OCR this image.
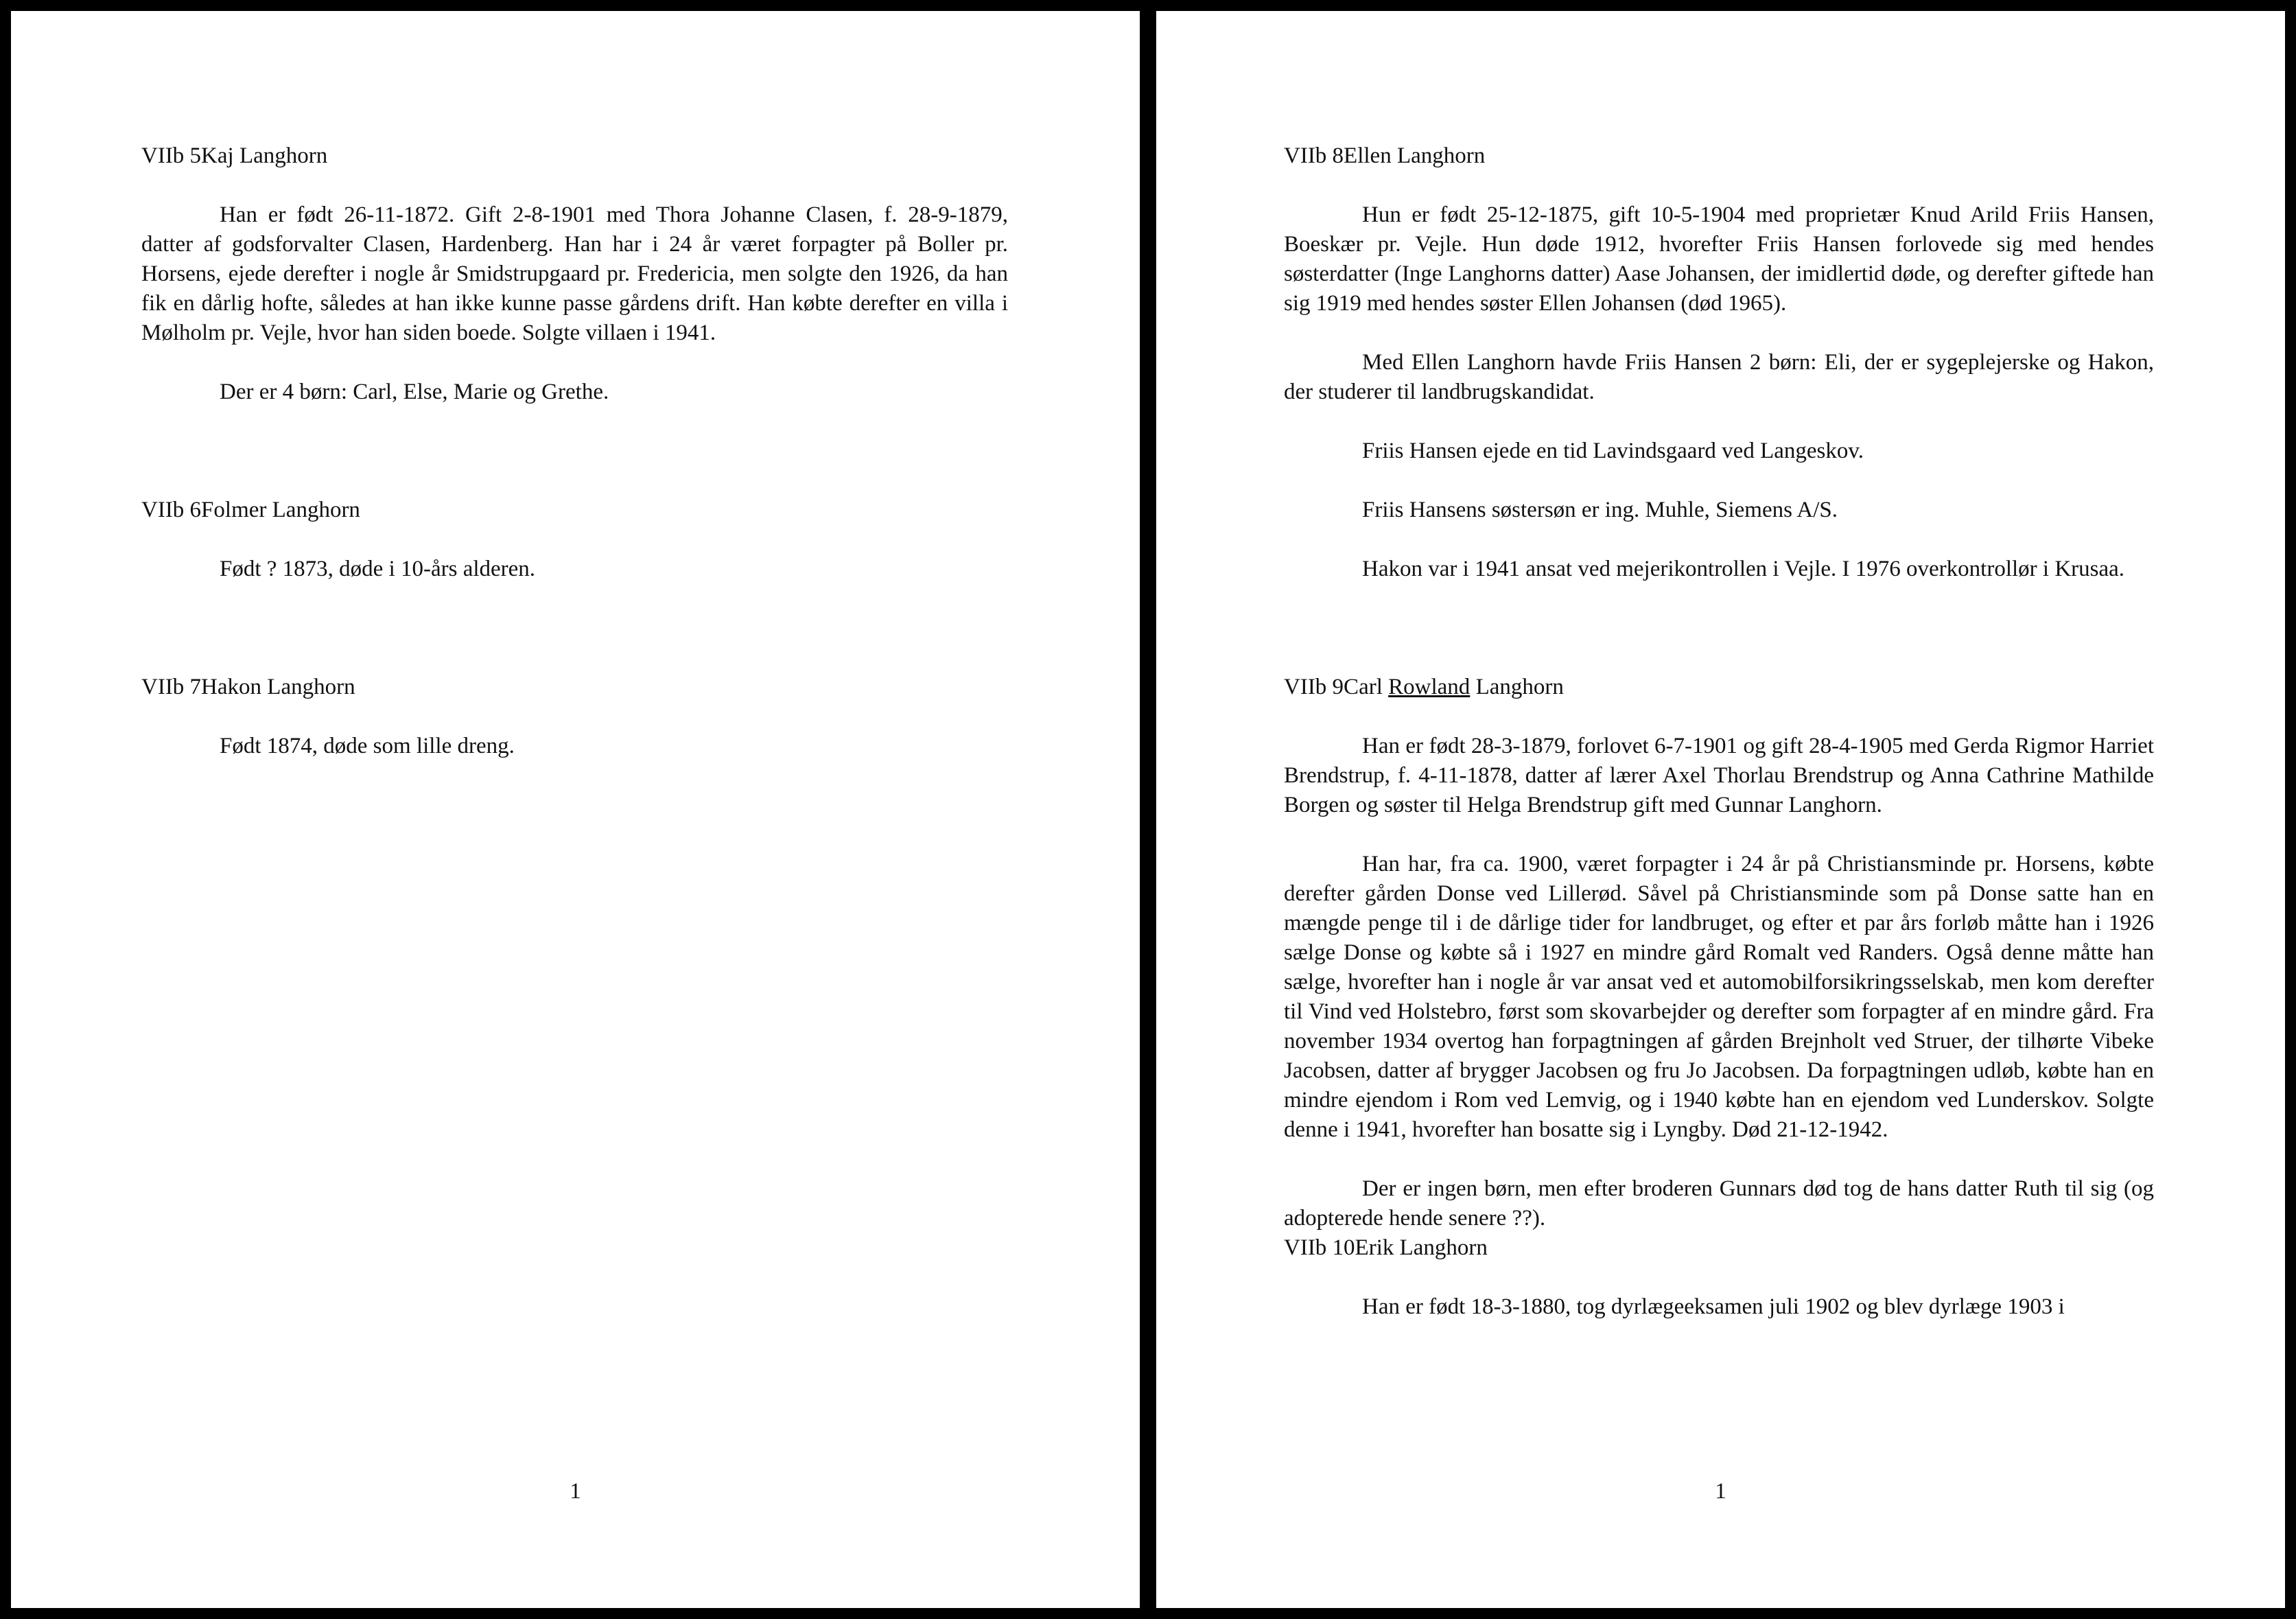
VIIb 5Kaj Langhorn

Han er født 26-11-1872. Gift 2-8-1901 med Thora Johanne Clasen, f. 28-9-1879, datter af godsforvalter Clasen, Hardenberg. Han har i 24 år været forpagter på Boller pr. Horsens, ejede derefter i nogle år Smidstrupgaard pr. Fredericia, men solgte den 1926, da han fik en dårlig hofte, således at han ikke kunne passe gårdens drift. Han købte derefter en villa i Mølholm pr. Vejle, hvor han siden boede. Solgte villaen i 1941.

Der er 4 børn: Carl, Else, Marie og Grethe.

VIIb 6Folmer Langhorn

Født ? 1873, døde i 10-års alderen.

VIIb 7Hakon Langhorn

Født 1874, døde som lille dreng.

1

VIIb 8Ellen Langhorn

Hun er født 25-12-1875, gift 10-5-1904 med proprietær Knud Arild Friis Hansen, Boeskær pr. Vejle. Hun døde 1912, hvorefter Friis Hansen forlovede sig med hendes søsterdatter (Inge Langhorns datter) Aase Johansen, der imidlertid døde, og derefter giftede han sig 1919 med hendes søster Ellen Johansen (død 1965).

Med Ellen Langhorn havde Friis Hansen 2 børn: Eli, der er sygeplejerske og Hakon, der studerer til landbrugskandidat.

Friis Hansen ejede en tid Lavindsgaard ved Langeskov.

Friis Hansens søstersøn er ing. Muhle, Siemens A/S.

Hakon var i 1941 ansat ved mejerikontrollen i Vejle. I 1976 overkontrollør i Krusaa.

VIIb 9Carl Rowland Langhorn

Han er født 28-3-1879, forlovet 6-7-1901 og gift 28-4-1905 med Gerda Rigmor Harriet Brendstrup, f. 4-11-1878, datter af lærer Axel Thorlau Brendstrup og Anna Cathrine Mathilde Borgen og søster til Helga Brendstrup gift med Gunnar Langhorn.

Han har, fra ca. 1900, været forpagter i 24 år på Christiansminde pr. Horsens, købte derefter gården Donse ved Lillerød. Såvel på Christiansminde som på Donse satte han en mængde penge til i de dårlige tider for landbruget, og efter et par års forløb måtte han i 1926 sælge Donse og købte så i 1927 en mindre gård Romalt ved Randers. Også denne måtte han sælge, hvorefter han i nogle år var ansat ved et automobilforsikringsselskab, men kom derefter til Vind ved Holstebro, først som skovarbejder og derefter som forpagter af en mindre gård. Fra november 1934 overtog han forpagtningen af gården Brejnholt ved Struer, der tilhørte Vibeke Jacobsen, datter af brygger Jacobsen og fru Jo Jacobsen. Da forpagtningen udløb, købte han en mindre ejendom i Rom ved Lemvig, og i 1940 købte han en ejendom ved Lunderskov. Solgte denne i 1941, hvorefter han bosatte sig i Lyngby. Død 21-12-1942.

Der er ingen børn, men efter broderen Gunnars død tog de hans datter Ruth til sig (og adopterede hende senere ??).

VIIb 10Erik Langhorn

Han er født 18-3-1880, tog dyrlægeeksamen juli 1902 og blev dyrlæge 1903 i

1
